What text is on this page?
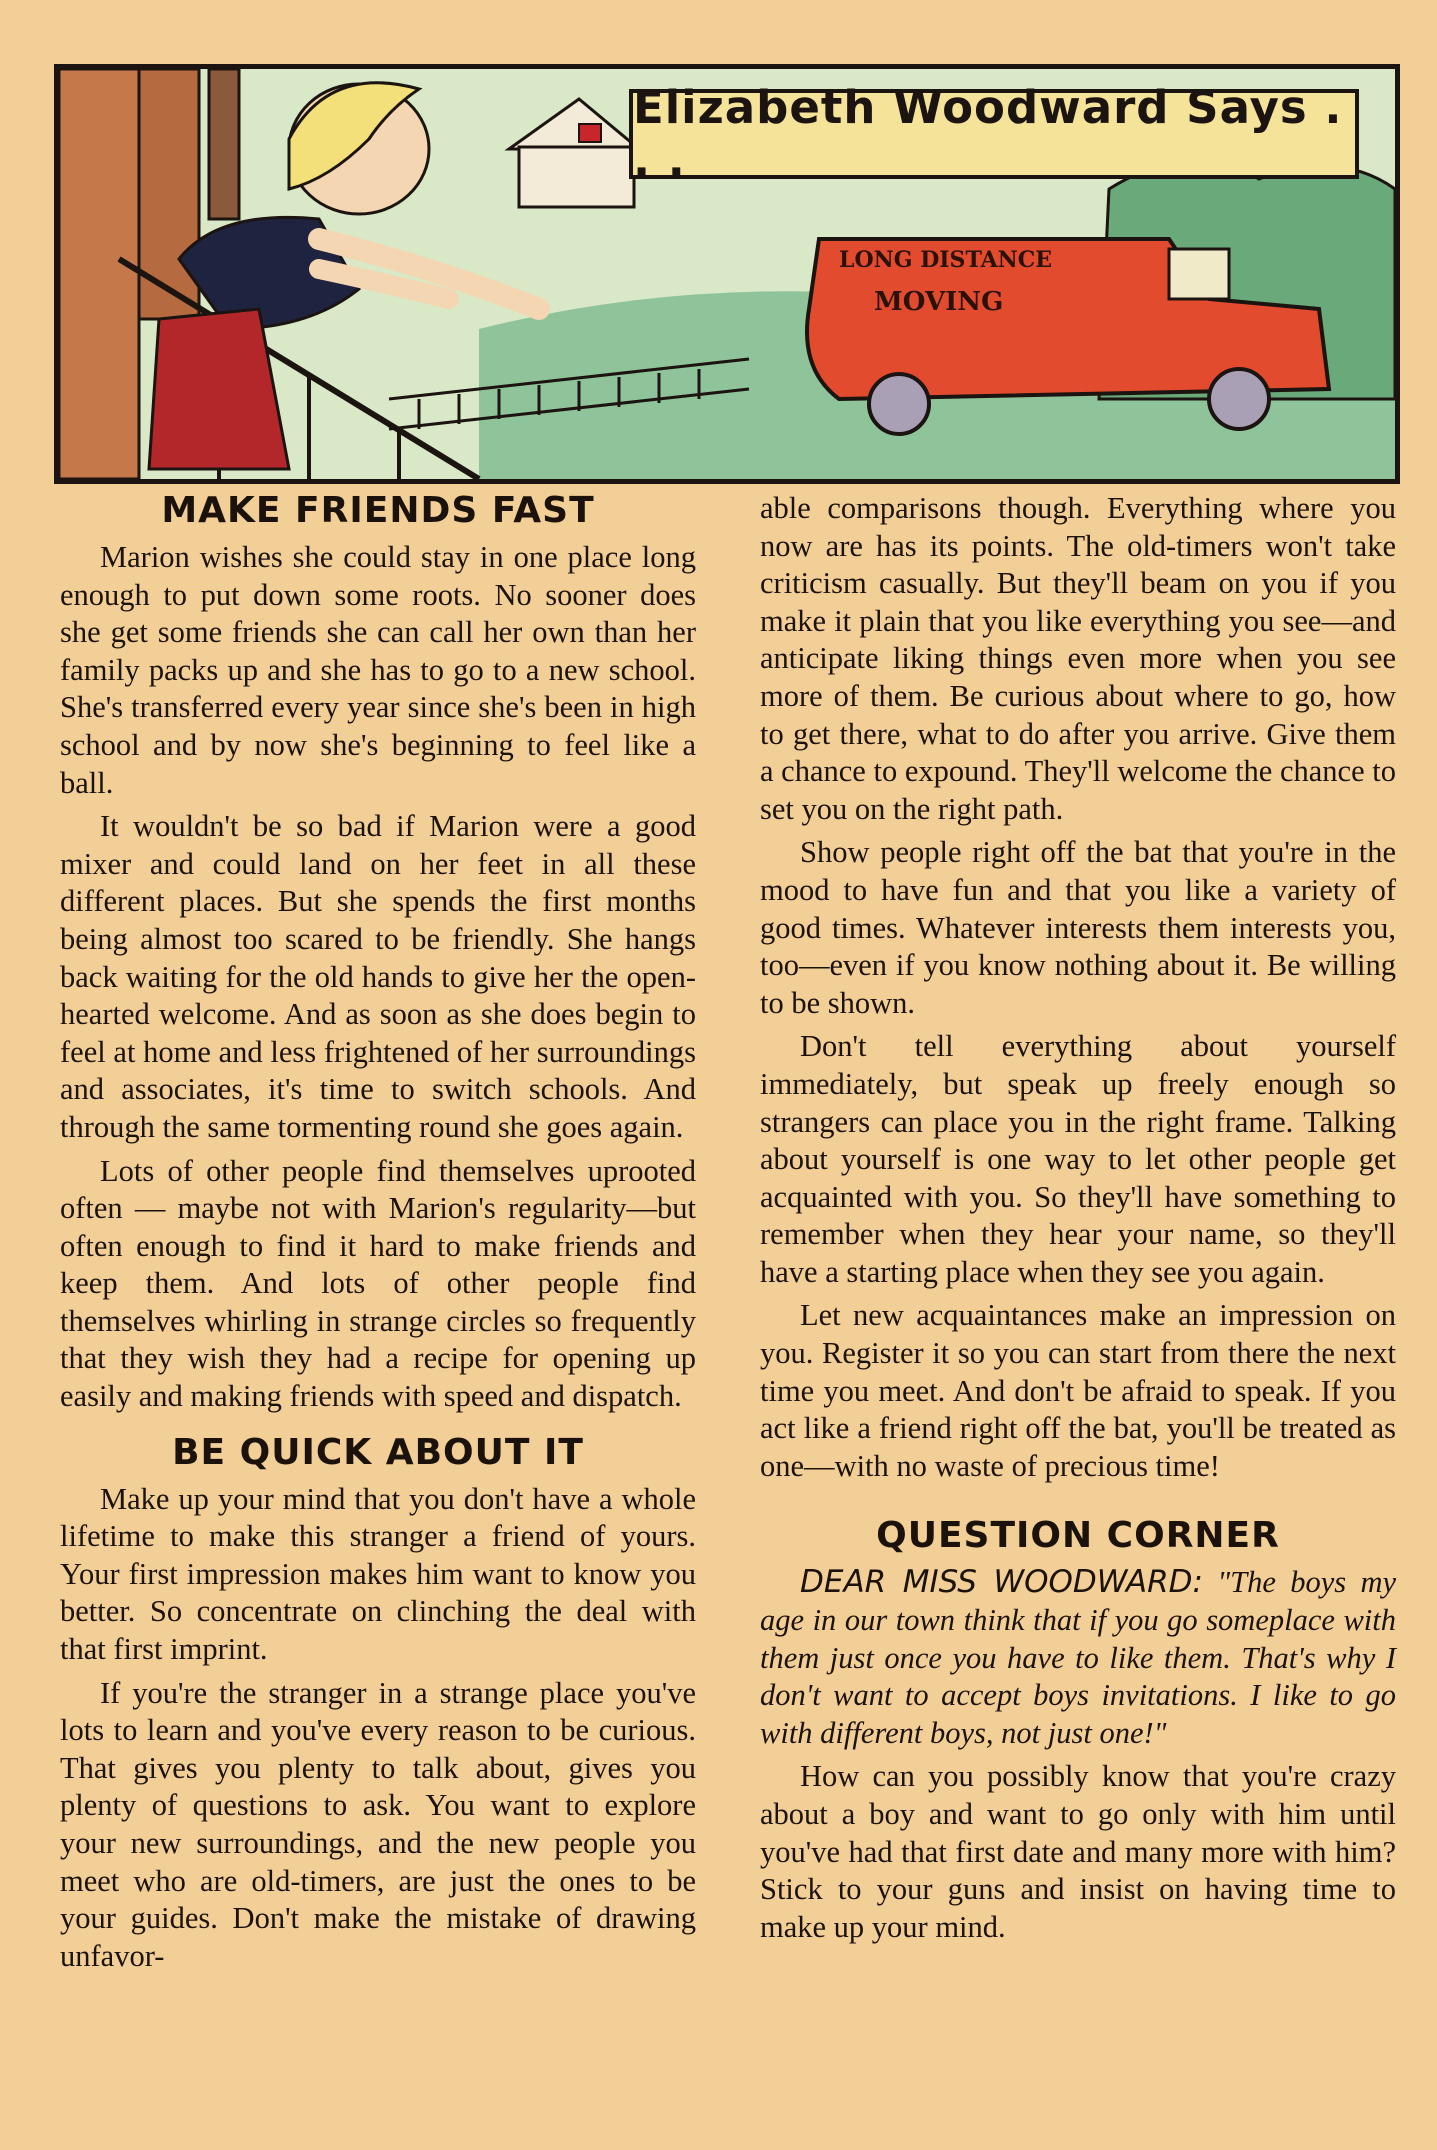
Elizabeth Woodward Says . . .
LONG DISTANCE
MOVING
MAKE FRIENDS FAST

Marion wishes she could stay in one place long enough to put down some roots. No sooner does she get some friends she can call her own than her family packs up and she has to go to a new school. She's transferred every year since she's been in high school and by now she's beginning to feel like a ball.

It wouldn't be so bad if Marion were a good mixer and could land on her feet in all these different places. But she spends the first months being almost too scared to be friendly. She hangs back waiting for the old hands to give her the open-hearted welcome. And as soon as she does begin to feel at home and less frightened of her surroundings and associates, it's time to switch schools. And through the same tormenting round she goes again.

Lots of other people find themselves uprooted often — maybe not with Marion's regularity—but often enough to find it hard to make friends and keep them. And lots of other people find themselves whirling in strange circles so frequently that they wish they had a recipe for opening up easily and making friends with speed and dispatch.

BE QUICK ABOUT IT

Make up your mind that you don't have a whole lifetime to make this stranger a friend of yours. Your first impression makes him want to know you better. So concentrate on clinching the deal with that first imprint.

If you're the stranger in a strange place you've lots to learn and you've every reason to be curious. That gives you plenty to talk about, gives you plenty of questions to ask. You want to explore your new surroundings, and the new people you meet who are old-timers, are just the ones to be your guides. Don't make the mistake of drawing unfavor-

able comparisons though. Everything where you now are has its points. The old-timers won't take criticism casually. But they'll beam on you if you make it plain that you like everything you see—and anticipate liking things even more when you see more of them. Be curious about where to go, how to get there, what to do after you arrive. Give them a chance to expound. They'll welcome the chance to set you on the right path.

Show people right off the bat that you're in the mood to have fun and that you like a variety of good times. Whatever interests them interests you, too—even if you know nothing about it. Be willing to be shown.

Don't tell everything about yourself immediately, but speak up freely enough so strangers can place you in the right frame. Talking about yourself is one way to let other people get acquainted with you. So they'll have something to remember when they hear your name, so they'll have a starting place when they see you again.

Let new acquaintances make an impression on you. Register it so you can start from there the next time you meet. And don't be afraid to speak. If you act like a friend right off the bat, you'll be treated as one—with no waste of precious time!

QUESTION CORNER

DEAR MISS WOODWARD: "The boys my age in our town think that if you go someplace with them just once you have to like them. That's why I don't want to accept boys invitations. I like to go with different boys, not just one!"

How can you possibly know that you're crazy about a boy and want to go only with him until you've had that first date and many more with him? Stick to your guns and insist on having time to make up your mind.
